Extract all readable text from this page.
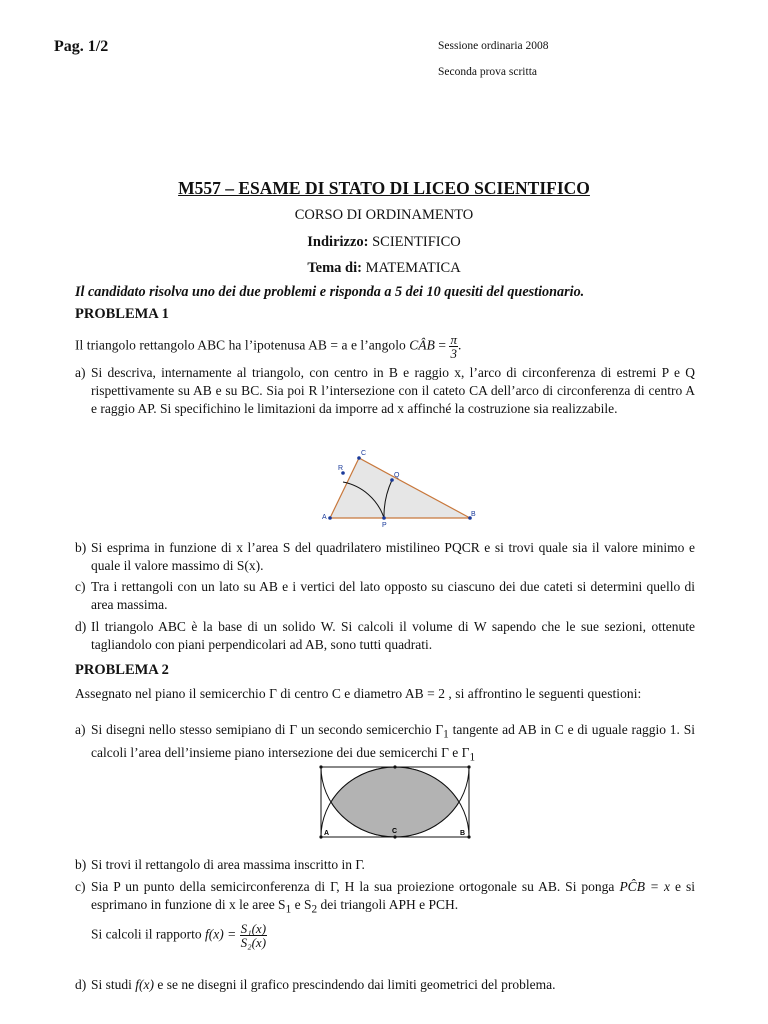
Pag. 1/2	Sessione ordinaria 2008
Seconda prova scritta
M557 – ESAME DI STATO DI LICEO SCIENTIFICO
CORSO DI ORDINAMENTO
Indirizzo: SCIENTIFICO
Tema di: MATEMATICA
Il candidato risolva uno dei due problemi e risponda a 5 dei 10 quesiti del questionario.
PROBLEMA 1
Il triangolo rettangolo ABC ha l’ipotenusa AB = a e l’angolo CÂB = $\frac{\pi}{3}$ .
a) Si descriva, internamente al triangolo, con centro in B e raggio x, l’arco di circonferenza di estremi P e Q rispettivamente su AB e su BC. Sia poi R l’intersezione con il cateto CA dell’arco di circonferenza di centro A e raggio AP. Si specifichino le limitazioni da imporre ad x affinché la costruzione sia realizzabile.
A	B
C
P
Q
R
b) Si esprima in funzione di x l’area S del quadrilatero mistilineo PQCR e si trovi quale sia il valore minimo e quale il valore massimo di S(x).
c) Tra i rettangoli con un lato su AB e i vertici del lato opposto su ciascuno dei due cateti si determini quello di area massima.
d) Il triangolo ABC è la base di un solido W. Si calcoli il volume di W sapendo che le sue sezioni, ottenute tagliandolo con piani perpendicolari ad AB, sono tutti quadrati.
PROBLEMA 2
Assegnato nel piano il semicerchio Γ di centro C e diametro AB = 2 , si affrontino le seguenti questioni:
a) Si disegni nello stesso semipiano di Γ un secondo semicerchio $\Gamma_1$ tangente ad AB in C e di uguale raggio 1. Si calcoli l’area dell’insieme piano intersezione dei due semicerchi Γ e $\Gamma_1$
A	C	B
b) Si trovi il rettangolo di area massima inscritto in Γ.
c) Sia P un punto della semicirconferenza di Γ, H la sua proiezione ortogonale su AB. Si ponga PĈB = x e si esprimano in funzione di x le aree $S_1$ e $S_2$ dei triangoli APH e PCH.
Si calcoli il rapporto $f(x) = \frac{\text{S₁(x)}}{\text{S₂(x)}}$
d) Si studi f(x) e se ne disegni il grafico prescindendo dai limiti geometrici del problema.
